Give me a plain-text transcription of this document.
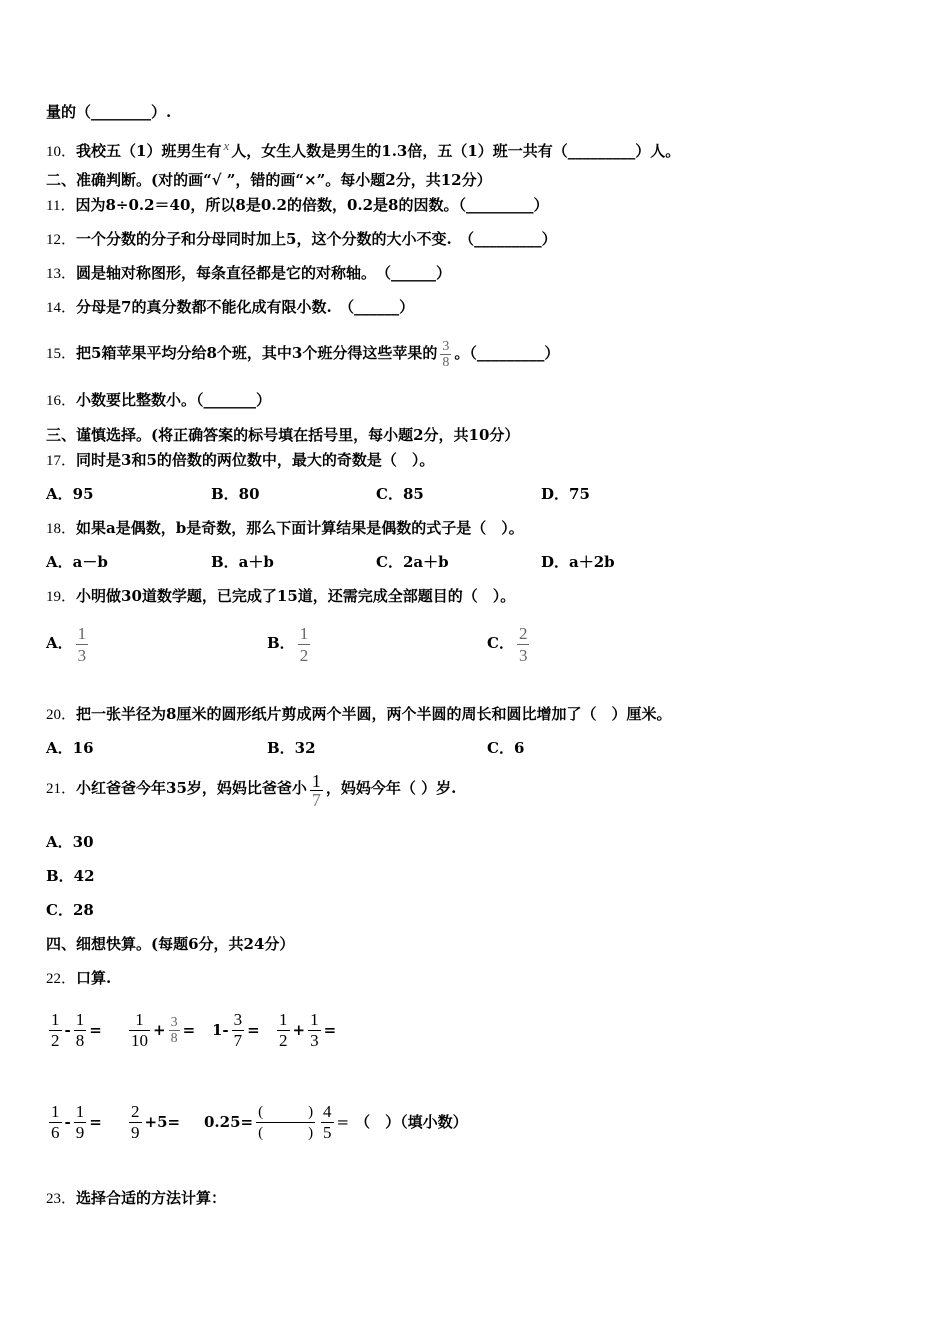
量的（________）.
10．我校五（1）班男生有 x 人，女生人数是男生的1.3倍，五（1）班一共有（_________）人。
二、准确判断。(对的画“√ ”，错的画“×”。每小题2分，共12分）
11．因为8÷0.2＝40，所以8是0.2的倍数，0.2是8的因数。（_________）
12．一个分数的分子和分母同时加上5，这个分数的大小不变.　（_________）
13．圆是轴对称图形，每条直径都是它的对称轴。　（______）
14．分母是7的真分数都不能化成有限小数.　（______）
15．把5箱苹果平均分给8个班，其中3个班分得这些苹果的 $\frac{3}{8}$ 。（_________）
16．小数要比整数小。（_______）
三、谨慎选择。(将正确答案的标号填在括号里，每小题2分，共10分）
17．同时是3和5的倍数的两位数中，最大的奇数是（　）。
A．95	B．80	C．85	D．75
18．如果a是偶数，b是奇数，那么下面计算结果是偶数的式子是（　）。
A．a－b	B．a＋b	C．2a＋b	D．a＋2b
19．小明做30道数学题，已完成了15道，还需完成全部题目的（　）。
A． $\frac{1}{3}$	B． $\frac{1}{2}$	C． $\frac{2}{3}$
20．把一张半径为8厘米的圆形纸片剪成两个半圆，两个半圆的周长和圆比增加了（　）厘米。
A．16	B．32	C．6
21．小红爸爸今年35岁，妈妈比爸爸小 $\frac{1}{7}$ ，妈妈今年（ ）岁.
A．30
B．42
C．28
四、细想快算。(每题6分，共24分）
22．口算.
$\frac{1}{2} - \frac{1}{8} = \frac{1}{10} + \frac{3}{8} = 1- \frac{3}{7} = \frac{1}{2} + \frac{1}{3}$ =
$\frac{1}{6} - \frac{1}{9} = \frac{2}{9} +5= 0.25= \frac{( )}{( )} \frac{4}{5}$ = （　）（填小数）
23．选择合适的方法计算：
